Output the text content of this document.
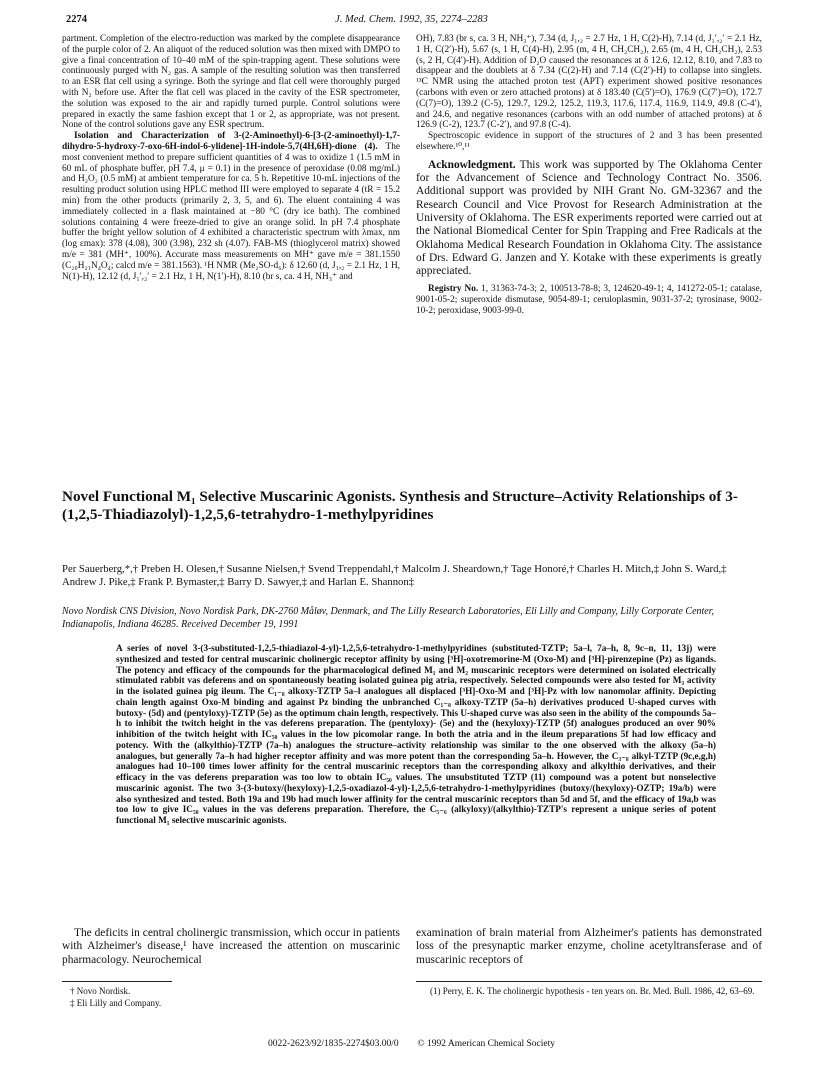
2274	J. Med. Chem. 1992, 35, 2274–2283

partment. Completion of the electro-reduction was marked by the complete disappearance of the purple color of 2. An aliquot of the reduced solution was then mixed with DMPO to give a final concentration of 10–40 mM of the spin-trapping agent. These solutions were continuously purged with N₂ gas. A sample of the resulting solution was then transferred to an ESR flat cell using a syringe. Both the syringe and flat cell were thoroughly purged with N₂ before use. After the flat cell was placed in the cavity of the ESR spectrometer, the solution was exposed to the air and rapidly turned purple. Control solutions were prepared in exactly the same fashion except that 1 or 2, as appropriate, was not present. None of the control solutions gave any ESR spectrum.

Isolation and Characterization of 3-(2-Aminoethyl)-6-[3-(2-aminoethyl)-1,7-dihydro-5-hydroxy-7-oxo-6H-indol-6-ylidene]-1H-indole-5,7(4H,6H)-dione (4). The most convenient method to prepare sufficient quantities of 4 was to oxidize 1 (1.5 mM in 60 mL of phosphate buffer, pH 7.4, μ = 0.1) in the presence of peroxidase (0.08 mg/mL) and H₂O₂ (0.5 mM) at ambient temperature for ca. 5 h. Repetitive 10-mL injections of the resulting product solution using HPLC method III were employed to separate 4 (tR = 15.2 min) from the other products (primarily 2, 3, 5, and 6). The eluent containing 4 was immediately collected in a flask maintained at −80 °C (dry ice bath). The combined solutions containing 4 were freeze-dried to give an orange solid. In pH 7.4 phosphate buffer the bright yellow solution of 4 exhibited a characteristic spectrum with λmax, nm (log εmax): 378 (4.08), 300 (3.98), 232 sh (4.07). FAB-MS (thioglycerol matrix) showed m/e = 381 (MH⁺, 100%). Accurate mass measurements on MH⁺ gave m/e = 381.1550 (C₂₀H₂₁N₄O₄; calcd m/e = 381.1563). ¹H NMR (Me₂SO-d₆): δ 12.60 (d, J₁,₂ = 2.1 Hz, 1 H, N(1)-H), 12.12 (d, J₁′,₂′ = 2.1 Hz, 1 H, N(1′)-H), 8.10 (br s, ca. 4 H, NH₃⁺ and

OH), 7.83 (br s, ca. 3 H, NH₃⁺), 7.34 (d, J₁,₂ = 2.7 Hz, 1 H, C(2)-H), 7.14 (d, J₁′,₂′ = 2.1 Hz, 1 H, C(2′)-H), 5.67 (s, 1 H, C(4)-H), 2.95 (m, 4 H, CH₂CH₂), 2.65 (m, 4 H, CH₂CH₂), 2.53 (s, 2 H, C(4′)-H). Addition of D₂O caused the resonances at δ 12.6, 12.12, 8.10, and 7.83 to disappear and the doublets at δ 7.34 (C(2)-H) and 7.14 (C(2′)-H) to collapse into singlets. ¹³C NMR using the attached proton test (APT) experiment showed positive resonances (carbons with even or zero attached protons) at δ 183.40 (C(5′)=O), 176.9 (C(7′)=O), 172.7 (C(7)=O), 139.2 (C-5), 129.7, 129.2, 125.2, 119.3, 117.6, 117.4, 116.9, 114.9, 49.8 (C-4′), and 24.6, and negative resonances (carbons with an odd number of attached protons) at δ 126.9 (C-2), 123.7 (C-2′), and 97.8 (C-4).

Spectroscopic evidence in support of the structures of 2 and 3 has been presented elsewhere.¹⁰,¹¹

Acknowledgment. This work was supported by The Oklahoma Center for the Advancement of Science and Technology Contract No. 3506. Additional support was provided by NIH Grant No. GM-32367 and the Research Council and Vice Provost for Research Administration at the University of Oklahoma. The ESR experiments reported were carried out at the National Biomedical Center for Spin Trapping and Free Radicals at the Oklahoma Medical Research Foundation in Oklahoma City. The assistance of Drs. Edward G. Janzen and Y. Kotake with these experiments is greatly appreciated.

Registry No. 1, 31363-74-3; 2, 100513-78-8; 3, 124620-49-1; 4, 141272-05-1; catalase, 9001-05-2; superoxide dismutase, 9054-89-1; ceruloplasmin, 9031-37-2; tyrosinase, 9002-10-2; peroxidase, 9003-99-0.

Novel Functional M₁ Selective Muscarinic Agonists. Synthesis and Structure–Activity Relationships of 3-(1,2,5-Thiadiazolyl)-1,2,5,6-tetrahydro-1-methylpyridines
Per Sauerberg,*,† Preben H. Olesen,† Susanne Nielsen,† Svend Treppendahl,† Malcolm J. Sheardown,† Tage Honoré,† Charles H. Mitch,‡ John S. Ward,‡ Andrew J. Pike,‡ Frank P. Bymaster,‡ Barry D. Sawyer,‡ and Harlan E. Shannon‡
Novo Nordisk CNS Division, Novo Nordisk Park, DK-2760 Måløv, Denmark, and The Lilly Research Laboratories, Eli Lilly and Company, Lilly Corporate Center, Indianapolis, Indiana 46285. Received December 19, 1991
A series of novel 3-(3-substituted-1,2,5-thiadiazol-4-yl)-1,2,5,6-tetrahydro-1-methylpyridines (substituted-TZTP; 5a–l, 7a–h, 8, 9c–n, 11, 13j) were synthesized and tested for central muscarinic cholinergic receptor affinity by using [³H]-oxotremorine-M (Oxo-M) and [³H]-pirenzepine (Pz) as ligands. The potency and efficacy of the compounds for the pharmacological defined M₁ and M₂ muscarinic receptors were determined on isolated electrically stimulated rabbit vas deferens and on spontaneously beating isolated guinea pig atria, respectively. Selected compounds were also tested for M₃ activity in the isolated guinea pig ileum. The C₁₋₈ alkoxy-TZTP 5a–l analogues all displaced [³H]-Oxo-M and [³H]-Pz with low nanomolar affinity. Depicting chain length against Oxo-M binding and against Pz binding the unbranched C₁₋₈ alkoxy-TZTP (5a–h) derivatives produced U-shaped curves with butoxy- (5d) and (pentyloxy)-TZTP (5e) as the optimum chain length, respectively. This U-shaped curve was also seen in the ability of the compounds 5a–h to inhibit the twitch height in the vas deferens preparation. The (pentyloxy)- (5e) and the (hexyloxy)-TZTP (5f) analogues produced an over 90% inhibition of the twitch height with IC₅₀ values in the low picomolar range. In both the atria and in the ileum preparations 5f had low efficacy and potency. With the (alkylthio)-TZTP (7a–h) analogues the structure–activity relationship was similar to the one observed with the alkoxy (5a–h) analogues, but generally 7a–h had higher receptor affinity and was more potent than the corresponding 5a–h. However, the C₃₋₈ alkyl-TZTP (9c,e,g,h) analogues had 10–100 times lower affinity for the central muscarinic receptors than the corresponding alkoxy and alkylthio derivatives, and their efficacy in the vas deferens preparation was too low to obtain IC₅₀ values. The unsubstituted TZTP (11) compound was a potent but nonselective muscarinic agonist. The two 3-(3-butoxy/(hexyloxy)-1,2,5-oxadiazol-4-yl)-1,2,5,6-tetrahydro-1-methylpyridines (butoxy/(hexyloxy)-OZTP; 19a/b) were also synthesized and tested. Both 19a and 19b had much lower affinity for the central muscarinic receptors than 5d and 5f, and the efficacy of 19a,b was too low to give IC₅₀ values in the vas deferens preparation. Therefore, the C₅₋₆ (alkyloxy)/(alkylthio)-TZTP's represent a unique series of potent functional M₁ selective muscarinic agonists.
The deficits in central cholinergic transmission, which occur in patients with Alzheimer's disease,¹ have increased the attention on muscarinic pharmacology. Neurochemical
examination of brain material from Alzheimer's patients has demonstrated loss of the presynaptic marker enzyme, choline acetyltransferase and of muscarinic receptors of
† Novo Nordisk.
‡ Eli Lilly and Company.
(1) Perry, E. K. The cholinergic hypothesis - ten years on. Br. Med. Bull. 1986, 42, 63–69.
0022-2623/92/1835-2274$03.00/0 © 1992 American Chemical Society
